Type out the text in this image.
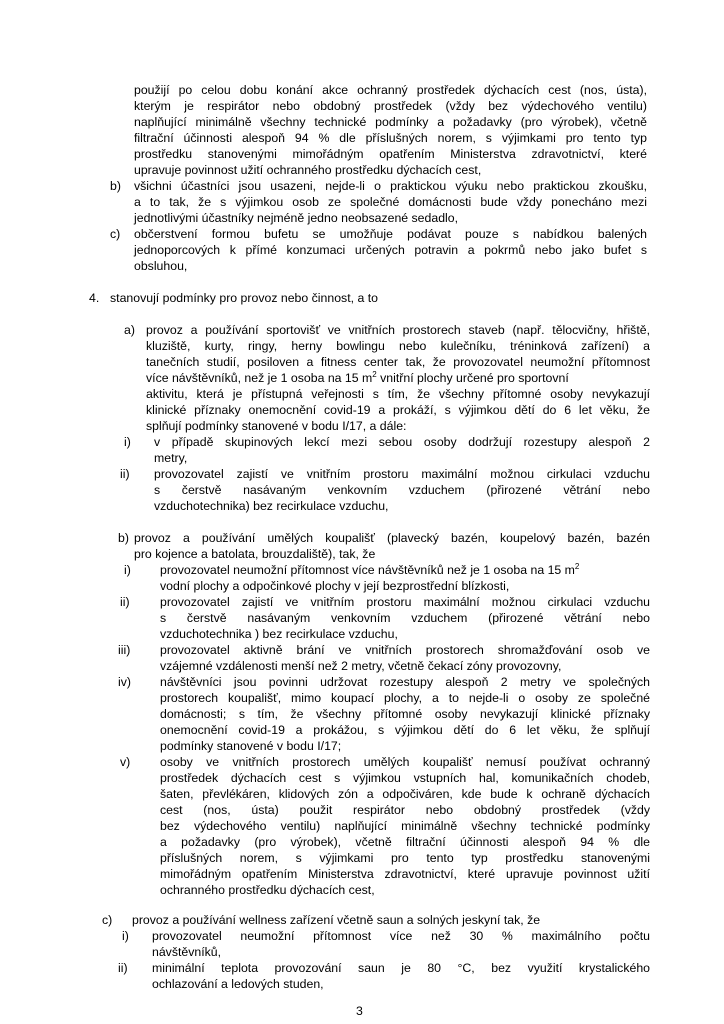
použijí po celou dobu konání akce ochranný prostředek dýchacích cest (nos, ústa),
kterým je respirátor nebo obdobný prostředek (vždy bez výdechového ventilu)
naplňující minimálně všechny technické podmínky a požadavky (pro výrobek), včetně
filtrační účinnosti alespoň 94 % dle příslušných norem, s výjimkami pro tento typ
prostředku stanovenými mimořádným opatřením Ministerstva zdravotnictví, které
upravuje povinnost užití ochranného prostředku dýchacích cest,
b) všichni účastníci jsou usazeni, nejde-li o praktickou výuku nebo praktickou zkoušku,
a to tak, že s výjimkou osob ze společné domácnosti bude vždy ponecháno mezi
jednotlivými účastníky nejméně jedno neobsazené sedadlo,
c) občerstvení formou bufetu se umožňuje podávat pouze s nabídkou balených
jednoporcových k přímé konzumaci určených potravin a pokrmů nebo jako bufet s
obsluhou,
4. stanovují podmínky pro provoz nebo činnost, a to
a) provoz a používání sportovišť ve vnitřních prostorech staveb (např. tělocvičny, hřiště,
kluziště, kurty, ringy, herny bowlingu nebo kulečníku, tréninková zařízení) a
tanečních studií, posiloven a fitness center tak, že provozovatel neumožní přítomnost
více návštěvníků, než je 1 osoba na 15 $m^2$ vnitřní plochy určené pro sportovní
aktivitu, která je přístupná veřejnosti s tím, že všechny přítomné osoby nevykazují
klinické příznaky onemocnění covid-19 a prokáží, s výjimkou dětí do 6 let věku, že
splňují podmínky stanovené v bodu I/17, a dále:
i) v případě skupinových lekcí mezi sebou osoby dodržují rozestupy alespoň 2
metry,
ii) provozovatel zajistí ve vnitřním prostoru maximální možnou cirkulaci vzduchu
s čerstvě nasávaným venkovním vzduchem (přirozené větrání nebo
vzduchotechnika) bez recirkulace vzduchu,
b) provoz a používání umělých koupališť (plavecký bazén, koupelový bazén, bazén
pro kojence a batolata, brouzdaliště), tak, že
i) provozovatel neumožní přítomnost více návštěvníků než je 1 osoba na 15 $m^2$
vodní plochy a odpočinkové plochy v její bezprostřední blízkosti,
ii) provozovatel zajistí ve vnitřním prostoru maximální možnou cirkulaci vzduchu
s čerstvě nasávaným venkovním vzduchem (přirozené větrání nebo
vzduchotechnika ) bez recirkulace vzduchu,
iii) provozovatel aktivně brání ve vnitřních prostorech shromažďování osob ve
vzájemné vzdálenosti menší než 2 metry, včetně čekací zóny provozovny,
iv) návštěvníci jsou povinni udržovat rozestupy alespoň 2 metry ve společných
prostorech koupališť, mimo koupací plochy, a to nejde-li o osoby ze společné
domácnosti; s tím, že všechny přítomné osoby nevykazují klinické příznaky
onemocnění covid-19 a prokážou, s výjimkou dětí do 6 let věku, že splňují
podmínky stanovené v bodu I/17;
v) osoby ve vnitřních prostorech umělých koupališť nemusí používat ochranný
prostředek dýchacích cest s výjimkou vstupních hal, komunikačních chodeb,
šaten, převlékáren, klidových zón a odpočiváren, kde bude k ochraně dýchacích
cest (nos, ústa) použit respirátor nebo obdobný prostředek (vždy
bez výdechového ventilu) naplňující minimálně všechny technické podmínky
a požadavky (pro výrobek), včetně filtrační účinnosti alespoň 94 % dle
příslušných norem, s výjimkami pro tento typ prostředku stanovenými
mimořádným opatřením Ministerstva zdravotnictví, které upravuje povinnost užití
ochranného prostředku dýchacích cest,
c) provoz a používání wellness zařízení včetně saun a solných jeskyní tak, že
i) provozovatel neumožní přítomnost více než 30 % maximálního počtu
návštěvníků,
ii) minimální teplota provozování saun je 80 °C, bez využití krystalického
ochlazování a ledových studen,
3
